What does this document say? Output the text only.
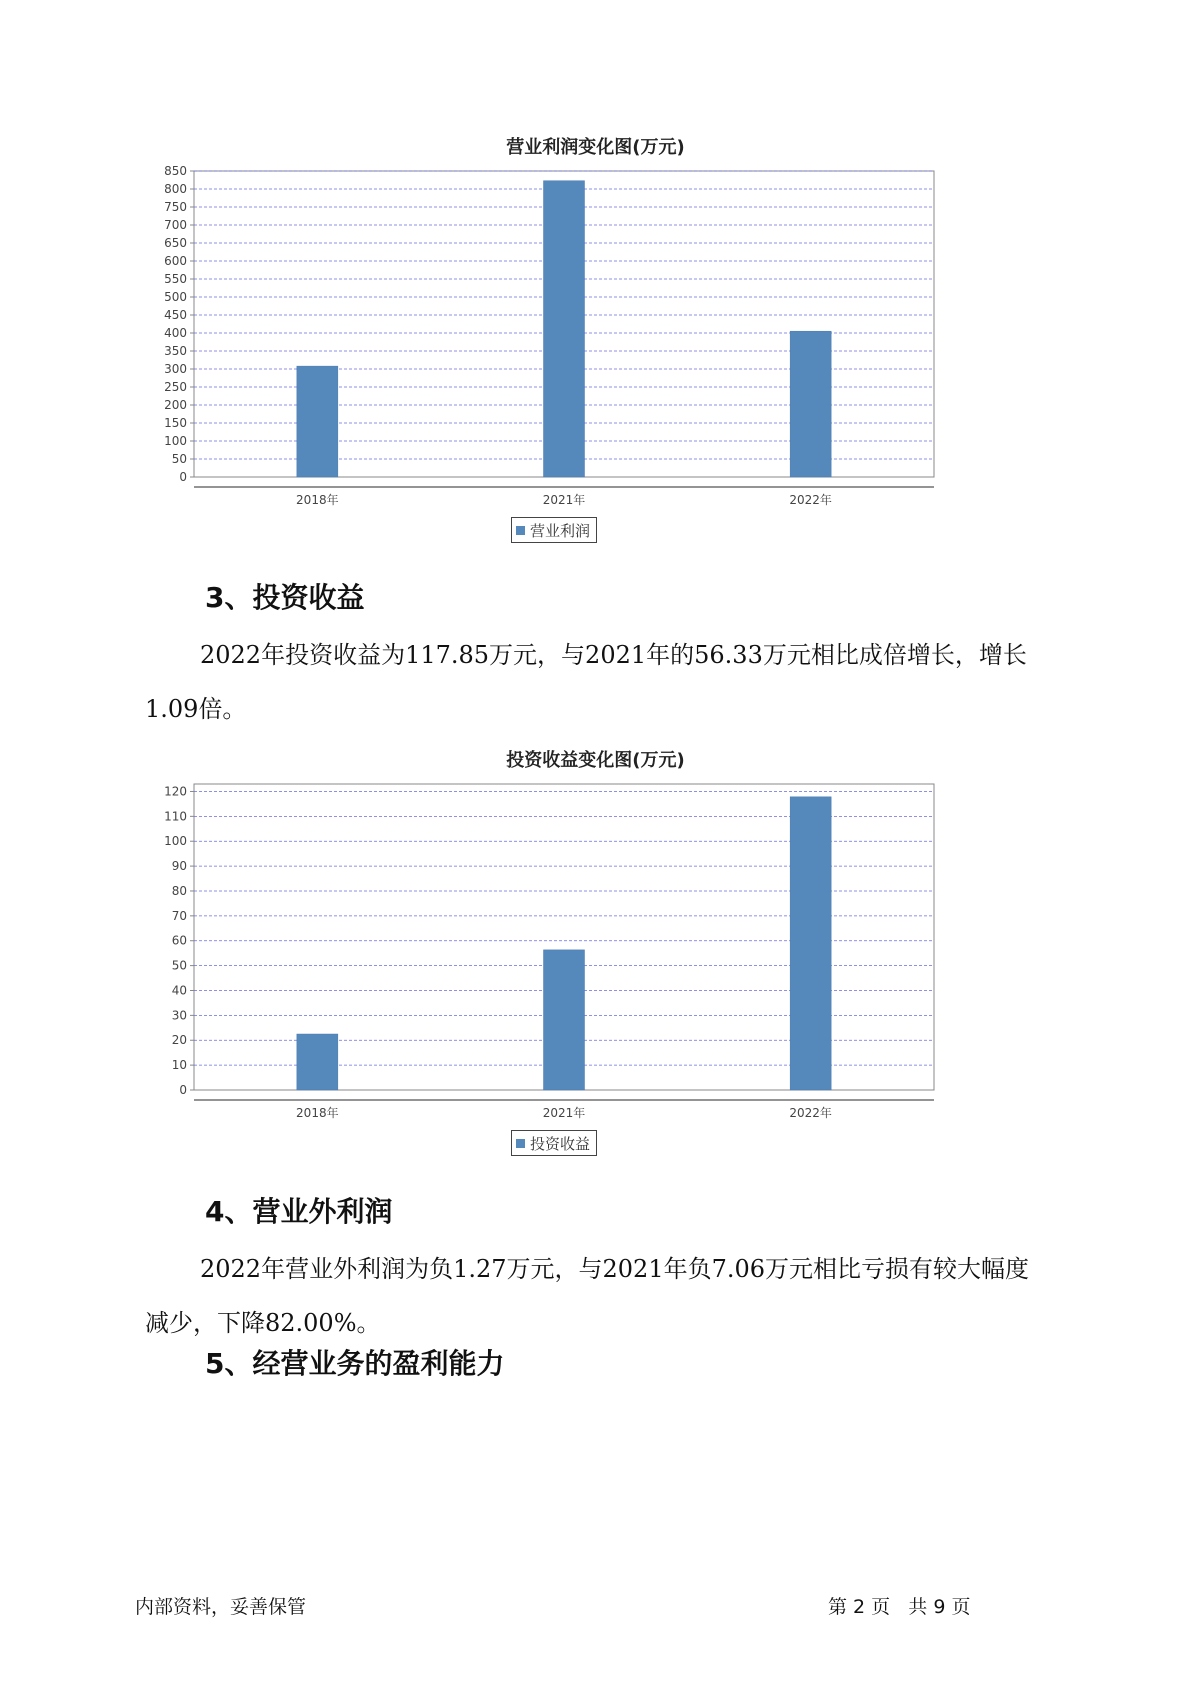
营业利润变化图(万元)
0
50
100
150
200
250
300
350
400
450
500
550
600
650
700
750
800
850
2018年	2021年	2022年
营业利润
3、投资收益

2022年投资收益为117.85万元，与2021年的56.33万元相比成倍增长，增长1.09倍。

投资收益变化图(万元)
0
10
20
30
40
50
60
70
80
90
100
110
120
2018年	2021年	2022年
投资收益
4、营业外利润

2022年营业外利润为负1.27万元，与2021年负7.06万元相比亏损有较大幅度减少，下降82.00%。

5、经营业务的盈利能力
内部资料，妥善保管	第 2 页   共 9 页
